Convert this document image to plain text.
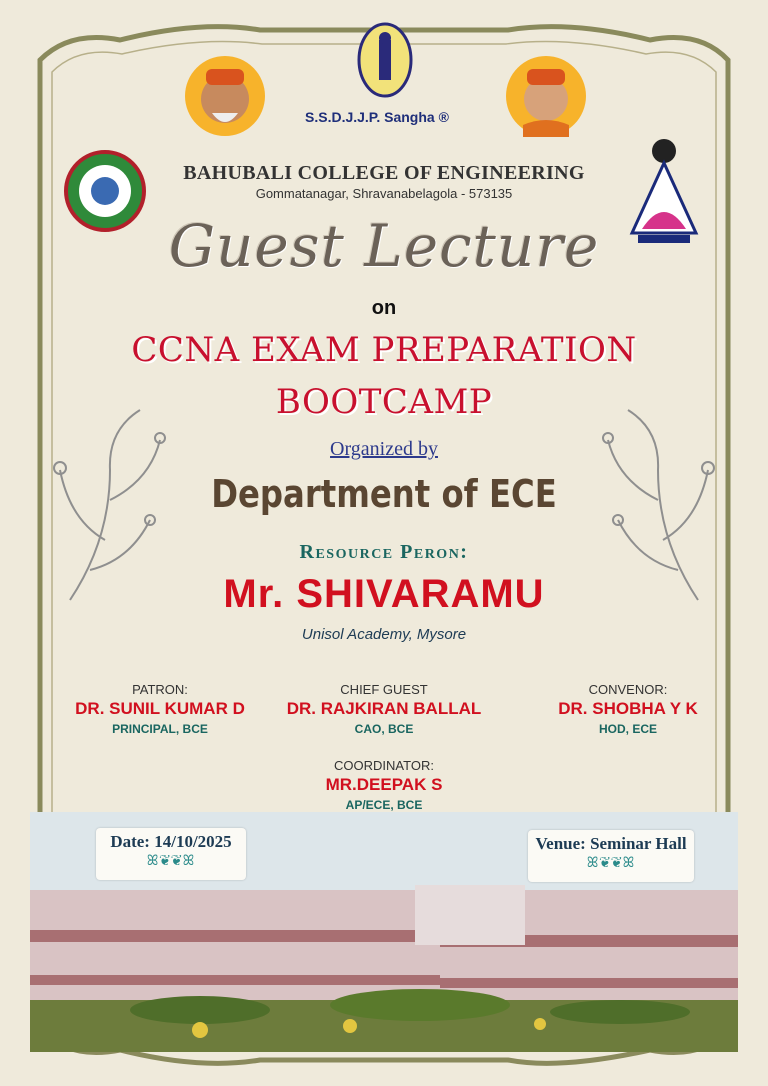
S.S.D.J.J.P. Sangha ®
BAHUBALI COLLEGE OF ENGINEERING
Gommatanagar, Shravanabelagola - 573135
Guest Lecture
on
CCNA EXAM PREPARATION
BOOTCAMP
Organized by
Department of ECE
Resource Peron:
Mr. SHIVARAMU
Unisol Academy, Mysore
PATRON:
DR. SUNIL KUMAR D
PRINCIPAL, BCE
CHIEF GUEST
DR. RAJKIRAN BALLAL
CAO, BCE
CONVENOR:
DR. SHOBHA Y K
HOD, ECE
COORDINATOR:
MR.DEEPAK S
AP/ECE, BCE
Date: 14/10/2025
ꕤ❦❦ꕤ
Venue: Seminar Hall
ꕤ❦❦ꕤ
